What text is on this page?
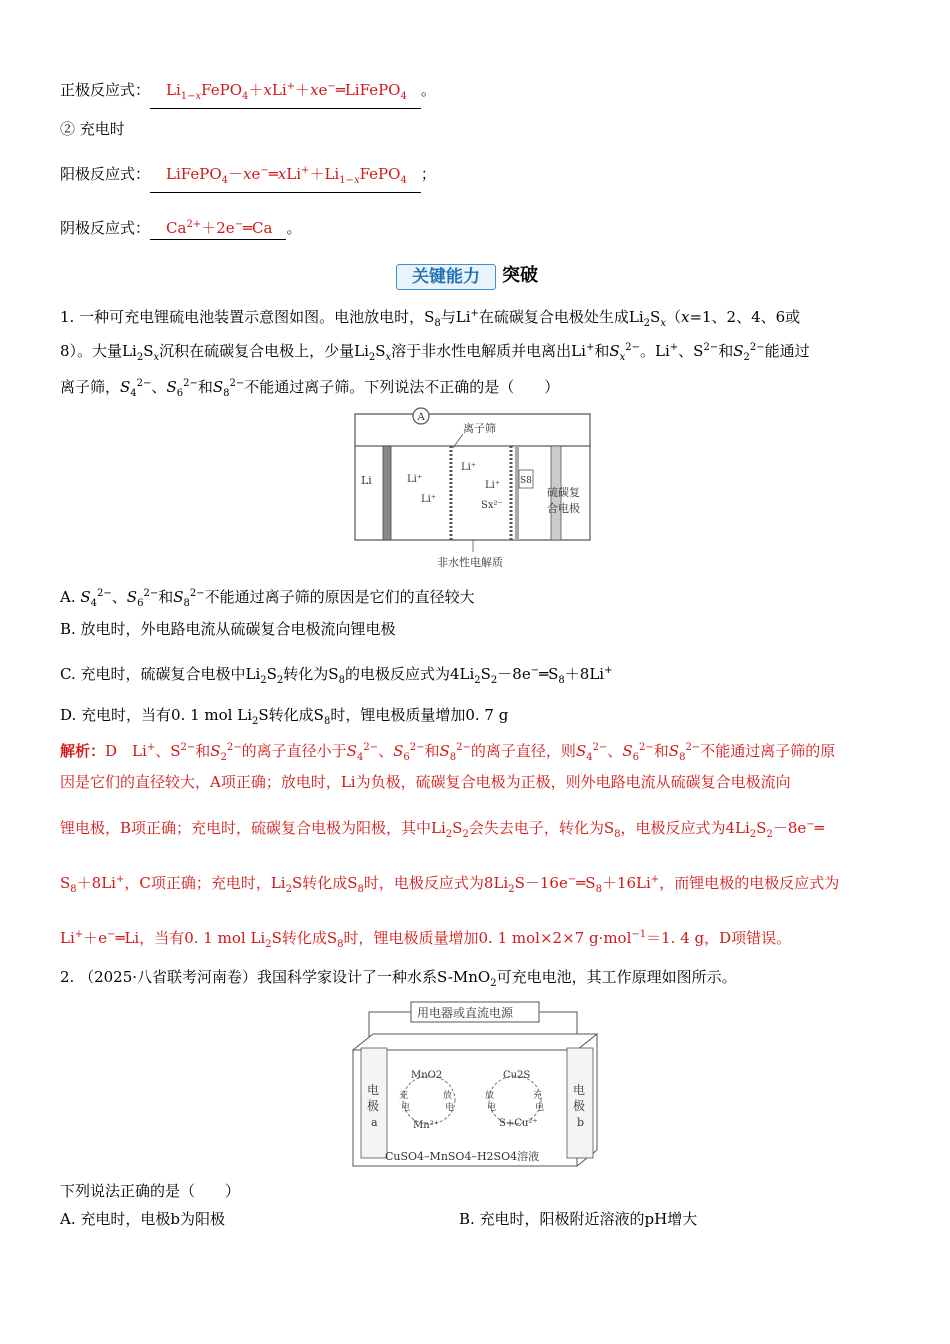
正极反应式： $Li_{1-x}FePO_4+xLi^++xe^-═LiFePO_4$ 。
② 充电时
阳极反应式： $LiFePO_4-xe^-═xLi^++Li_{1-x}FePO_4$ ；
阴极反应式： $Ca^{2+}+2e^-═Ca$ 。
关键能力	突破
1. 一种可充电锂硫电池装置示意图如图。电池放电时，$S_8$与Li+在硫碳复合电极处生成$Li_2S_x(x=1$、2、4、6或
8）。大量$Li_2S_x$沉积在硫碳复合电极上，少量$Li_2S_x$溶于非水性电解质并电离出Li+和$S_x^{2-}$。Li+、$S^{2-}$和$S_2^{2-}$能通过
离子筛，$S_4^{2-}$、$S_6^{2-}$和$S_8^{2-}$不能通过离子筛。下列说法不正确的是（　　）
A
S8
Li	Li⁺
Li⁺
Li⁺
Li⁺
Sx²⁻
离子筛
硫碳复
合电极
非水性电解质
A. $S_4^{2-}$、$S_6^{2-}$和$S_8^{2-}$不能通过离子筛的原因是它们的直径较大
B. 放电时，外电路电流从硫碳复合电极流向锂电极
C. 充电时，硫碳复合电极中$Li_2S_2$转化为$S_8$的电极反应式为$4Li_2S_2-8e^-═S_8+8Li^+$
D. 充电时，当有0. 1 mol $Li_2S$转化成$S_8$时，锂电极质量增加0. 7 g
解析：D　Li+、$S^{2-}$和$S_2^{2-}$的离子直径小于$S_4^{2-}$、$S_6^{2-}$和$S_8^{2-}$的离子直径，则$S_4^{2-}$、$S_6^{2-}$和$S_8^{2-}$不能通过离子筛的原
因是它们的直径较大，A项正确；放电时，Li为负极，硫碳复合电极为正极，则外电路电流从硫碳复合电极流向
锂电极，B项正确；充电时，硫碳复合电极为阳极，其中$Li_2S_2$会失去电子，转化为$S_8$，电极反应式为$4Li_2S_2-8e^-═$
$S_8+8Li^+$，C项正确；充电时，$Li_2S$转化成$S_8$时，电极反应式为$8Li_2S-16e^-═S_8+16Li^+$，而锂电极的电极反应式为
Li+＋e−═Li，当有0. 1 mol $Li_2S$转化成$S_8$时，锂电极质量增加0. 1 mol×2×7 g·mol$^{-1}$＝1. 4 g，D项错误。
2. （2025·八省联考河南卷）我国科学家设计了一种水系S-MnO$_2$可充电电池，其工作原理如图所示。
用电器或直流电源
电
极
a
电
极
b
MnO2
Mn²⁺
充
电
放
电
Cu2S
S+Cu²⁺
放
电
充
电
CuSO4–MnSO4–H2SO4溶液
下列说法正确的是（　　）
A. 充电时，电极b为阳极	B. 充电时，阳极附近溶液的pH增大
